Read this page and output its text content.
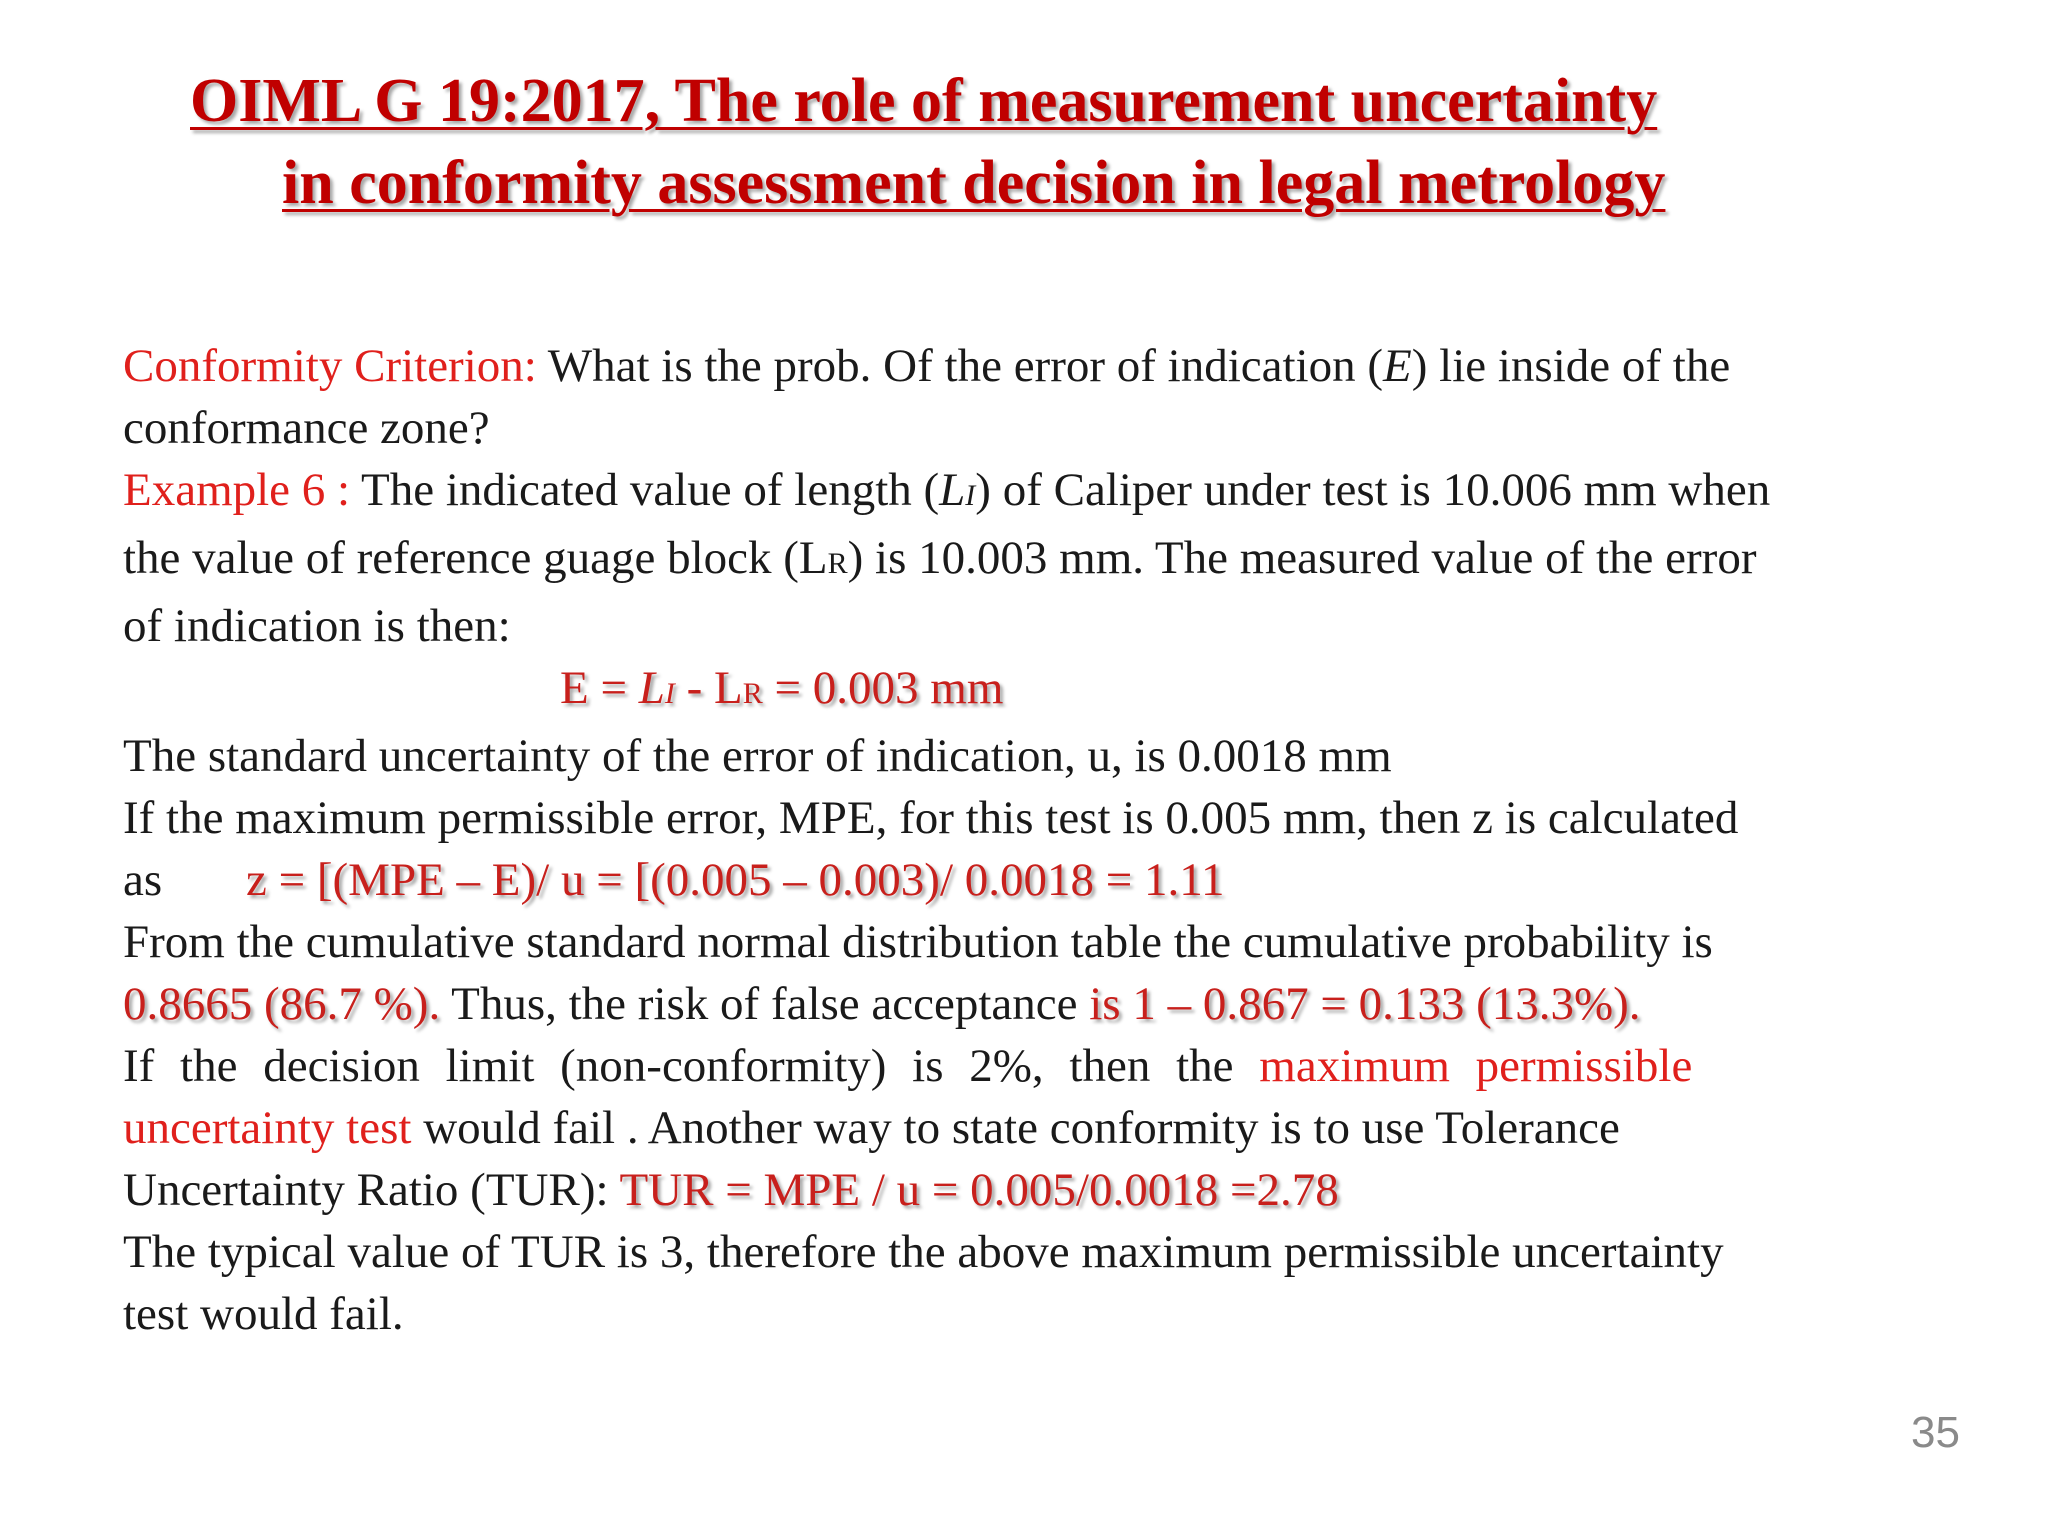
OIML G 19:2017, The role of measurement uncertainty
in conformity assessment decision in legal metrology
Conformity Criterion: What is the prob. Of the error of indication (E) lie inside of the
conformance zone?
Example 6 : The indicated value of length (LI) of Caliper under test is 10.006 mm when
the value of reference guage block (LR) is 10.003 mm. The measured value of the error
of indication is then:
E = LI - LR = 0.003 mm
The standard uncertainty of the error of indication, u, is 0.0018 mm
If the maximum permissible error, MPE, for this test is 0.005 mm, then z is calculated
as z = [(MPE – E)/ u = [(0.005 – 0.003)/ 0.0018 = 1.11
From the cumulative standard normal distribution table the cumulative probability is
0.8665 (86.7 %). Thus, the risk of false acceptance is 1 – 0.867 = 0.133 (13.3%).
If the decision limit (non-conformity) is 2%, then the maximum permissible
uncertainty test would fail . Another way to state conformity is to use Tolerance
Uncertainty Ratio (TUR): TUR = MPE / u = 0.005/0.0018 =2.78
The typical value of TUR is 3, therefore the above maximum permissible uncertainty
test would fail.
35
